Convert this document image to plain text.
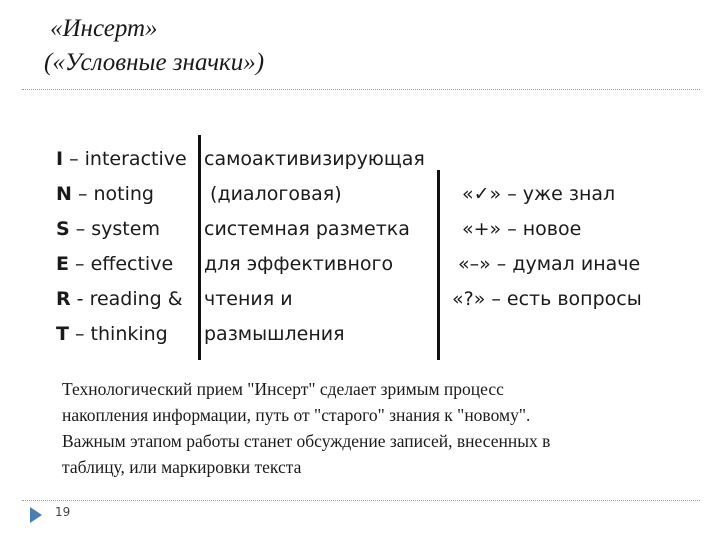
«Инсерт»
(«Условные значки»)
I – interactive
N – noting
S – system
E – effective
R - reading &
T – thinking
самоактивизирующая
(диалоговая)
системная разметка
для эффективного
чтения и
размышления
«✓» – уже знал
«+» – новое
«–» – думал иначе
«?» – есть вопросы
Технологический прием "Инсерт" сделает зримым процесс накопления информации, путь от "старого" знания к "новому". Важным этапом работы станет обсуждение записей, внесенных в таблицу, или маркировки текста
19
